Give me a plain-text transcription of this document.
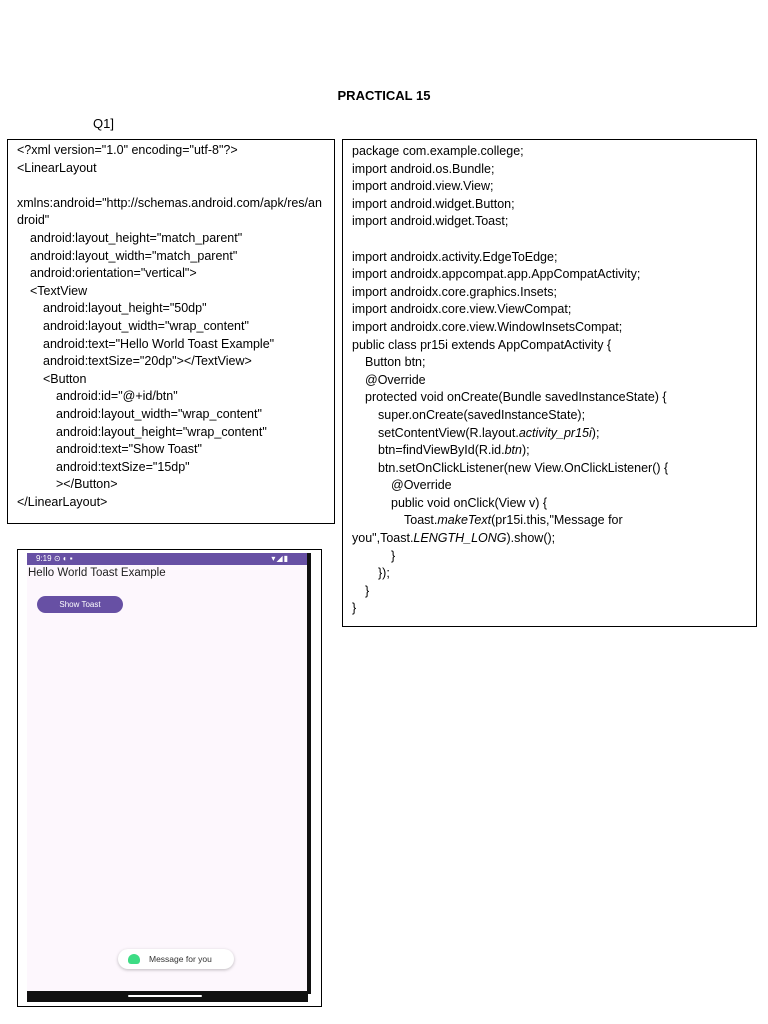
PRACTICAL 15
Q1]
<?xml version="1.0" encoding="utf-8"?>
<LinearLayout
xmlns:android="http://schemas.android.com/apk/res/android"
android:layout_height="match_parent"
android:layout_width="match_parent"
android:orientation="vertical">
<TextView
android:layout_height="50dp"
android:layout_width="wrap_content"
android:text="Hello World Toast Example"
android:textSize="20dp"></TextView>
<Button
android:id="@+id/btn"
android:layout_width="wrap_content"
android:layout_height="wrap_content"
android:text="Show Toast"
android:textSize="15dp"
></Button>
</LinearLayout>
package com.example.college;
import android.os.Bundle;
import android.view.View;
import android.widget.Button;
import android.widget.Toast;
import androidx.activity.EdgeToEdge;
import androidx.appcompat.app.AppCompatActivity;
import androidx.core.graphics.Insets;
import androidx.core.view.ViewCompat;
import androidx.core.view.WindowInsetsCompat;
public class pr15i extends AppCompatActivity {
Button btn;
@Override
protected void onCreate(Bundle savedInstanceState) {
super.onCreate(savedInstanceState);
setContentView(R.layout.activity_pr15i);
btn=findViewById(R.id.btn);
btn.setOnClickListener(new View.OnClickListener() {
@Override
public void onClick(View v) {
Toast.makeText(pr15i.this,"Message for
you",Toast.LENGTH_LONG).show();
}
});
}
}
9:19 ⊙ ◐ ▪	▾◢▮
Hello World Toast Example
Show Toast
Message for you
